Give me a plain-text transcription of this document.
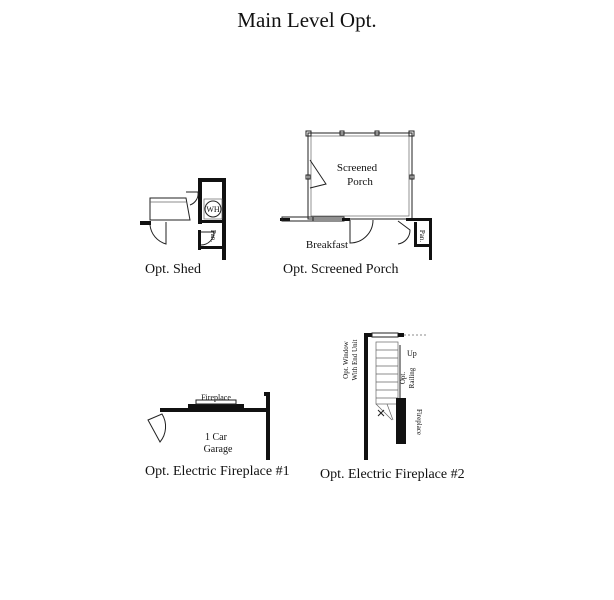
Main Level Opt.
WH
Pan.
Screened
Porch
Pan.
Breakfast
Fireplace
1 Car
Garage
Up
Opt. Window With End Unit	Opt. Railing
Fireplace
Opt. Shed	Opt. Screened Porch
Opt. Electric Fireplace #1 Opt. Electric Fireplace #2
